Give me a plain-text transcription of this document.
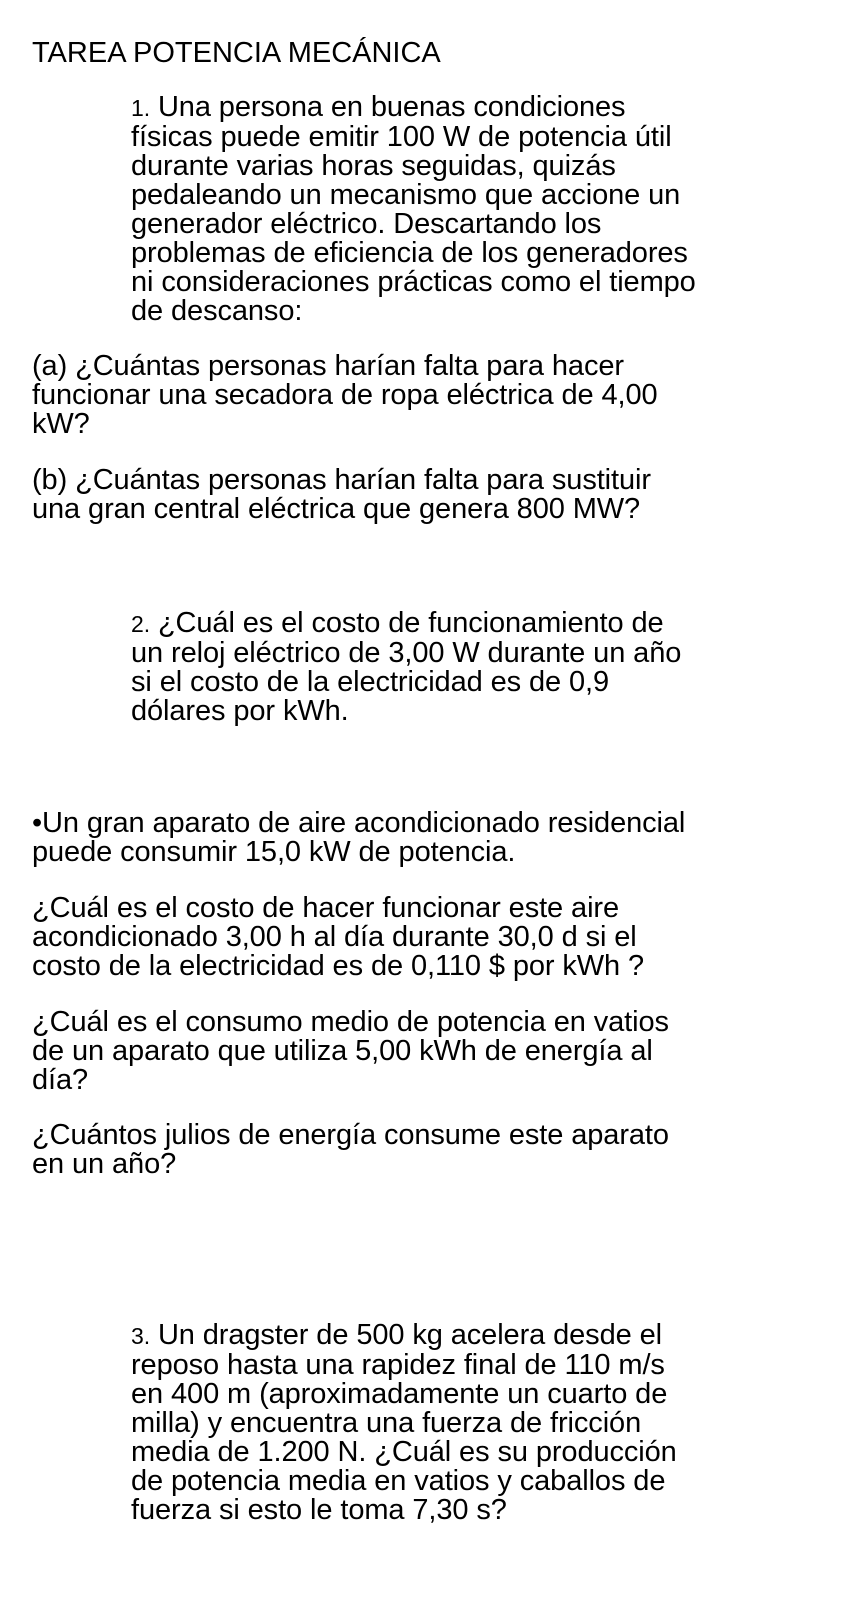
TAREA POTENCIA MECÁNICA
1. Una persona en buenas condiciones
físicas puede emitir 100 W de potencia útil
durante varias horas seguidas, quizás
pedaleando un mecanismo que accione un
generador eléctrico. Descartando los
problemas de eficiencia de los generadores
ni consideraciones prácticas como el tiempo
de descanso:
(a) ¿Cuántas personas harían falta para hacer
funcionar una secadora de ropa eléctrica de 4,00
kW?
(b) ¿Cuántas personas harían falta para sustituir
una gran central eléctrica que genera 800 MW?
2. ¿Cuál es el costo de funcionamiento de
un reloj eléctrico de 3,00 W durante un año
si el costo de la electricidad es de 0,9
dólares por kWh.
•Un gran aparato de aire acondicionado residencial
puede consumir 15,0 kW de potencia.
¿Cuál es el costo de hacer funcionar este aire
acondicionado 3,00 h al día durante 30,0 d si el
costo de la electricidad es de 0,110 $ por kWh ?
¿Cuál es el consumo medio de potencia en vatios
de un aparato que utiliza 5,00 kWh de energía al
día?
¿Cuántos julios de energía consume este aparato
en un año?
3. Un dragster de 500 kg acelera desde el
reposo hasta una rapidez final de 110 m/s
en 400 m (aproximadamente un cuarto de
milla) y encuentra una fuerza de fricción
media de 1.200 N. ¿Cuál es su producción
de potencia media en vatios y caballos de
fuerza si esto le toma 7,30 s?
